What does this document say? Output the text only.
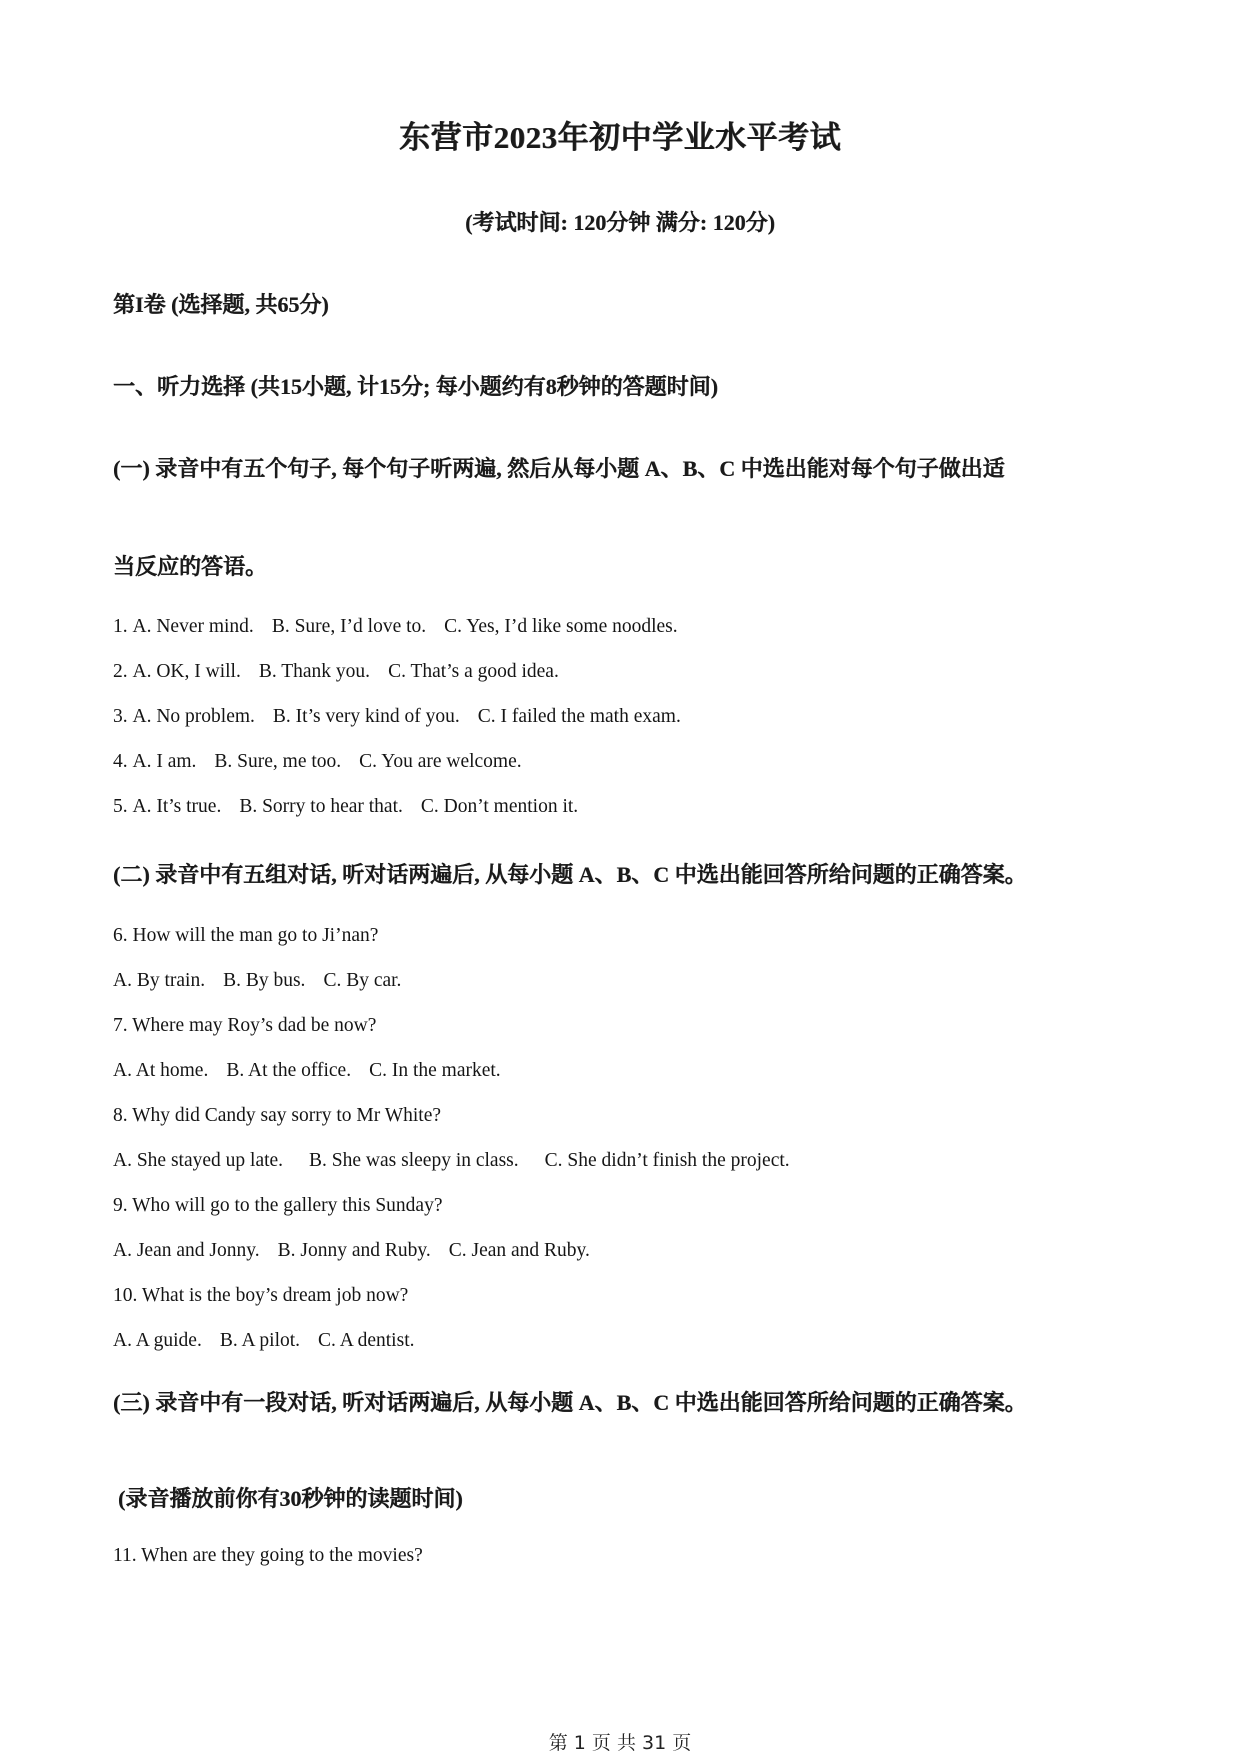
东营市2023年初中学业水平考试
(考试时间: 120分钟 满分: 120分)
第I卷 (选择题, 共65分)
一、听力选择 (共15小题, 计15分; 每小题约有8秒钟的答题时间)
(一) 录音中有五个句子, 每个句子听两遍, 然后从每小题 A、B、C 中选出能对每个句子做出适
当反应的答语。
1. A. Never mind. B. Sure, I’d love to. C. Yes, I’d like some noodles.
2. A. OK, I will. B. Thank you. C. That’s a good idea.
3. A. No problem. B. It’s very kind of you. C. I failed the math exam.
4. A. I am. B. Sure, me too. C. You are welcome.
5. A. It’s true. B. Sorry to hear that. C. Don’t mention it.
(二) 录音中有五组对话, 听对话两遍后, 从每小题 A、B、C 中选出能回答所给问题的正确答案。
6. How will the man go to Ji’nan?
A. By train. B. By bus. C. By car.
7. Where may Roy’s dad be now?
A. At home. B. At the office. C. In the market.
8. Why did Candy say sorry to Mr White?
A. She stayed up late. B. She was sleepy in class. C. She didn’t finish the project.
9. Who will go to the gallery this Sunday?
A. Jean and Jonny. B. Jonny and Ruby. C. Jean and Ruby.
10. What is the boy’s dream job now?
A. A guide. B. A pilot. C. A dentist.
(三) 录音中有一段对话, 听对话两遍后, 从每小题 A、B、C 中选出能回答所给问题的正确答案。
(录音播放前你有30秒钟的读题时间)
11. When are they going to the movies?
第 1 页 共 31 页
